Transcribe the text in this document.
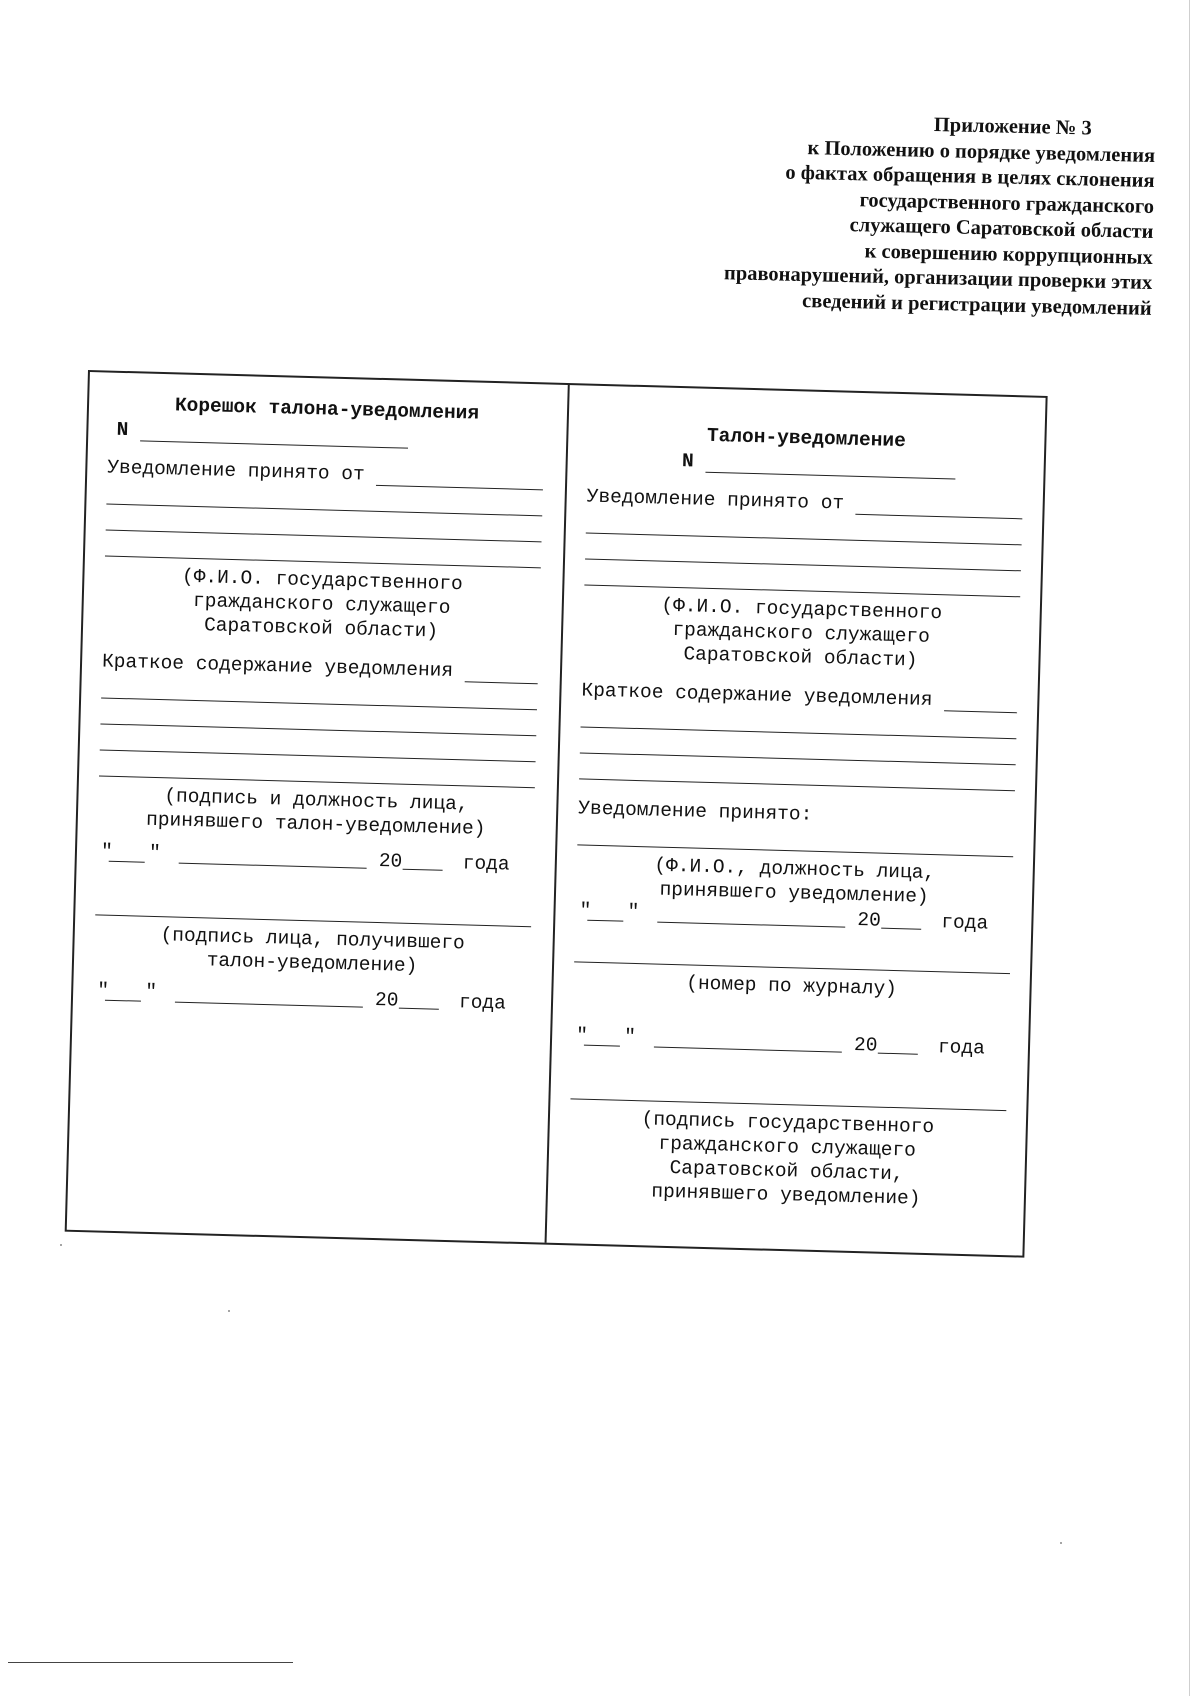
Приложение № 3
к Положению о порядке уведомления
о фактах обращения в целях склонения
государственного гражданского
служащего Саратовской области
к совершению коррупционных
правонарушений, организации проверки этих
сведений и регистрации уведомлений
Корешок талона-уведомления
N
Уведомление принято от
(Ф.И.О. государственного
гражданского служащего
Саратовской области)
Краткое содержание уведомления
(подпись и должность лица,
принявшего талон-уведомление)
" "	20	года
(подпись лица, получившего
талон-уведомление)
" "	20	года
Талон-уведомление
N
Уведомление принято от
(Ф.И.О. государственного
гражданского служащего
Саратовской области)
Краткое содержание уведомления
Уведомление принято:
(Ф.И.О., должность лица,
принявшего уведомление)
" "	20	года
(номер по журналу)
" "	20	года
(подпись государственного
гражданского служащего
Саратовской области,
принявшего уведомление)
